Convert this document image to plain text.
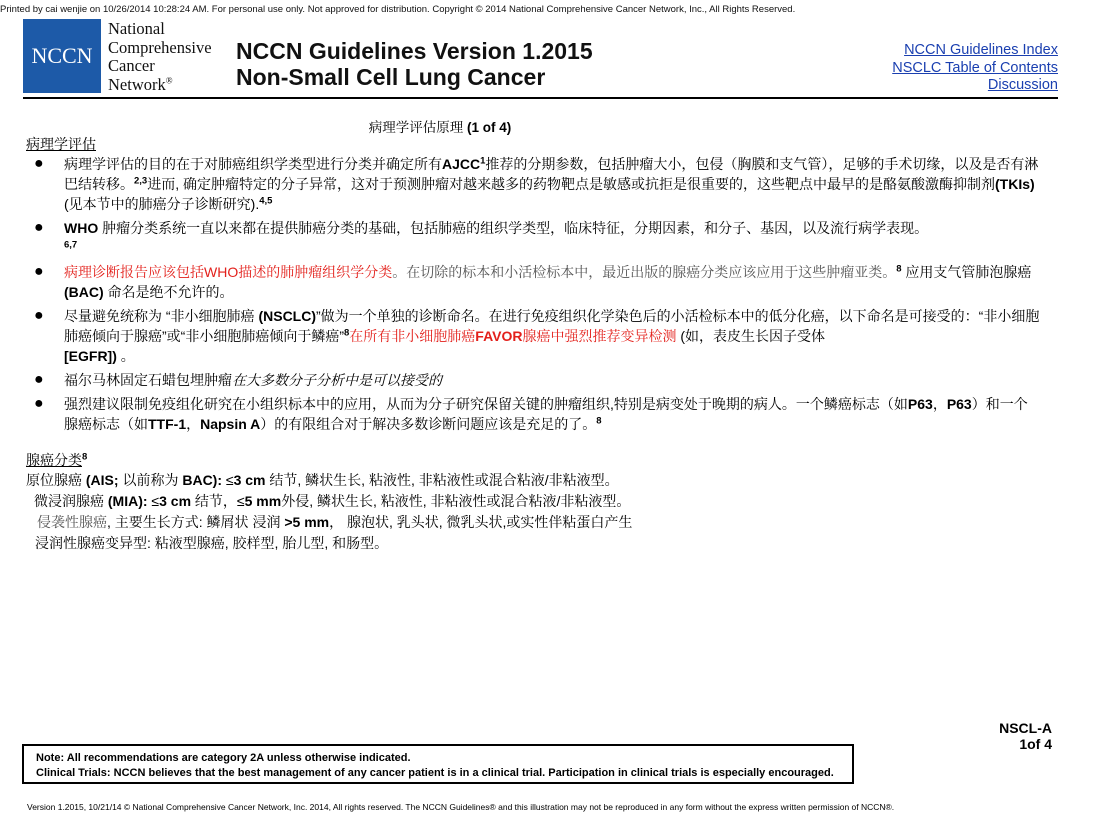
Printed by cai wenjie on 10/26/2014 10:28:24 AM. For personal use only. Not approved for distribution. Copyright © 2014 National Comprehensive Cancer Network, Inc., All Rights Reserved.
NCCN
National
Comprehensive
Cancer
Network®
NCCN Guidelines Version 1.2015
Non-Small Cell Lung Cancer
NCCN Guidelines Index
NSCLC Table of Contents
Discussion
病理学评估原理 (1 of 4)
病理学评估
● 病理学评估的目的在于对肺癌组织学类型进行分类并确定所有AJCC$^1$推荐的分期参数，包括肿瘤大小，包侵（胸膜和支气管），足够的手术切缘，以及是否有淋巴结转移。$^{2,3}$进而, 确定肿瘤特定的分子异常，这对于预测肿瘤对越来越多的药物靶点是敏感或抗拒是很重要的，这些靶点中最早的是酪氨酸激酶抑制剂(TKIs) (见本节中的肺癌分子诊断研究).$^{4,5}$
● WHO 肿瘤分类系统一直以来都在提供肺癌分类的基础，包括肺癌的组织学类型，临床特征，分期因素，和分子、基因，以及流行病学表现。
$^{6,7}$
● 病理诊断报告应该包括WHO描述的肺肿瘤组织学分类。在切除的标本和小活检标本中，最近出版的腺癌分类应该应用于这些肿瘤亚类。$^8$ 应用支气管肺泡腺癌(BAC) 命名是绝不允许的。
● 尽量避免统称为 “非小细胞肺癌 (NSCLC)”做为一个单独的诊断命名。在进行免疫组织化学染色后的小活检标本中的低分化癌，以下命名是可接受的：“非小细胞肺癌倾向于腺癌”或“非小细胞肺癌倾向于鳞癌”$^8$在所有非小细胞肺癌FAVOR腺癌中强烈推荐变异检测 (如，表皮生长因子受体
[EGFR]) 。
● 福尔马林固定石蜡包埋肿瘤在大多数分子分析中是可以接受的
● 强烈建议限制免疫组化研究在小组织标本中的应用，从而为分子研究保留关键的肿瘤组织,特别是病变处于晚期的病人。一个鳞癌标志（如P63，P63）和一个腺癌标志（如TTF-1，Napsin A）的有限组合对于解决多数诊断问题应该是充足的了。$^8$
腺癌分类$^8$
原位腺癌 (AIS; 以前称为 BAC): ≤3 cm 结节, 鳞状生长, 粘液性, 非粘液性或混合粘液/非粘液型。
微浸润腺癌 (MIA): ≤3 cm 结节，≤5 mm外侵, 鳞状生长, 粘液性, 非粘液性或混合粘液/非粘液型。
侵袭性腺癌, 主要生长方式: 鳞屑状 浸润 >5 mm， 腺泡状, 乳头状, 微乳头状,或实性伴粘蛋白产生
浸润性腺癌变异型: 粘液型腺癌, 胶样型, 胎儿型, 和肠型。
NSCL-A
1of 4
Note: All recommendations are category 2A unless otherwise indicated.
Clinical Trials: NCCN believes that the best management of any cancer patient is in a clinical trial. Participation in clinical trials is especially encouraged.
Version 1.2015, 10/21/14 © National Comprehensive Cancer Network, Inc. 2014, All rights reserved. The NCCN Guidelines® and this illustration may not be reproduced in any form without the express written permission of NCCN®.
